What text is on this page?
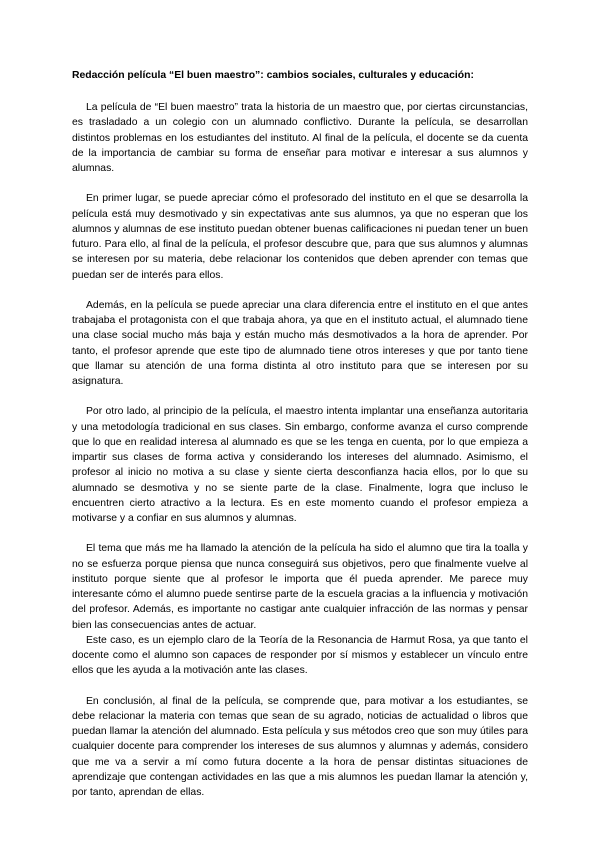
Redacción película “El buen maestro”: cambios sociales, culturales y educación:

La película de “El buen maestro” trata la historia de un maestro que, por ciertas circunstancias, es trasladado a un colegio con un alumnado conflictivo. Durante la película, se desarrollan distintos problemas en los estudiantes del instituto. Al final de la película, el docente se da cuenta de la importancia de cambiar su forma de enseñar para motivar e interesar a sus alumnos y alumnas.

En primer lugar, se puede apreciar cómo el profesorado del instituto en el que se desarrolla la película está muy desmotivado y sin expectativas ante sus alumnos, ya que no esperan que los alumnos y alumnas de ese instituto puedan obtener buenas calificaciones ni puedan tener un buen futuro. Para ello, al final de la película, el profesor descubre que, para que sus alumnos y alumnas se interesen por su materia, debe relacionar los contenidos que deben aprender con temas que puedan ser de interés para ellos.

Además, en la película se puede apreciar una clara diferencia entre el instituto en el que antes trabajaba el protagonista con el que trabaja ahora, ya que en el instituto actual, el alumnado tiene una clase social mucho más baja y están mucho más desmotivados a la hora de aprender. Por tanto, el profesor aprende que este tipo de alumnado tiene otros intereses y que por tanto tiene que llamar su atención de una forma distinta al otro instituto para que se interesen por su asignatura.

Por otro lado, al principio de la película, el maestro intenta implantar una enseñanza autoritaria y una metodología tradicional en sus clases. Sin embargo, conforme avanza el curso comprende que lo que en realidad interesa al alumnado es que se les tenga en cuenta, por lo que empieza a impartir sus clases de forma activa y considerando los intereses del alumnado. Asimismo, el profesor al inicio no motiva a su clase y siente cierta desconfianza hacia ellos, por lo que su alumnado se desmotiva y no se siente parte de la clase. Finalmente, logra que incluso le encuentren cierto atractivo a la lectura. Es en este momento cuando el profesor empieza a motivarse y a confiar en sus alumnos y alumnas.

El tema que más me ha llamado la atención de la película ha sido el alumno que tira la toalla y no se esfuerza porque piensa que nunca conseguirá sus objetivos, pero que finalmente vuelve al instituto porque siente que al profesor le importa que él pueda aprender. Me parece muy interesante cómo el alumno puede sentirse parte de la escuela gracias a la influencia y motivación del profesor. Además, es importante no castigar ante cualquier infracción de las normas y pensar bien las consecuencias antes de actuar.

Este caso, es un ejemplo claro de la Teoría de la Resonancia de Harmut Rosa, ya que tanto el docente como el alumno son capaces de responder por sí mismos y establecer un vínculo entre ellos que les ayuda a la motivación ante las clases.

En conclusión, al final de la película, se comprende que, para motivar a los estudiantes, se debe relacionar la materia con temas que sean de su agrado, noticias de actualidad o libros que puedan llamar la atención del alumnado. Esta película y sus métodos creo que son muy útiles para cualquier docente para comprender los intereses de sus alumnos y alumnas y además, considero que me va a servir a mí como futura docente a la hora de pensar distintas situaciones de aprendizaje que contengan actividades en las que a mis alumnos les puedan llamar la atención y, por tanto, aprendan de ellas.
